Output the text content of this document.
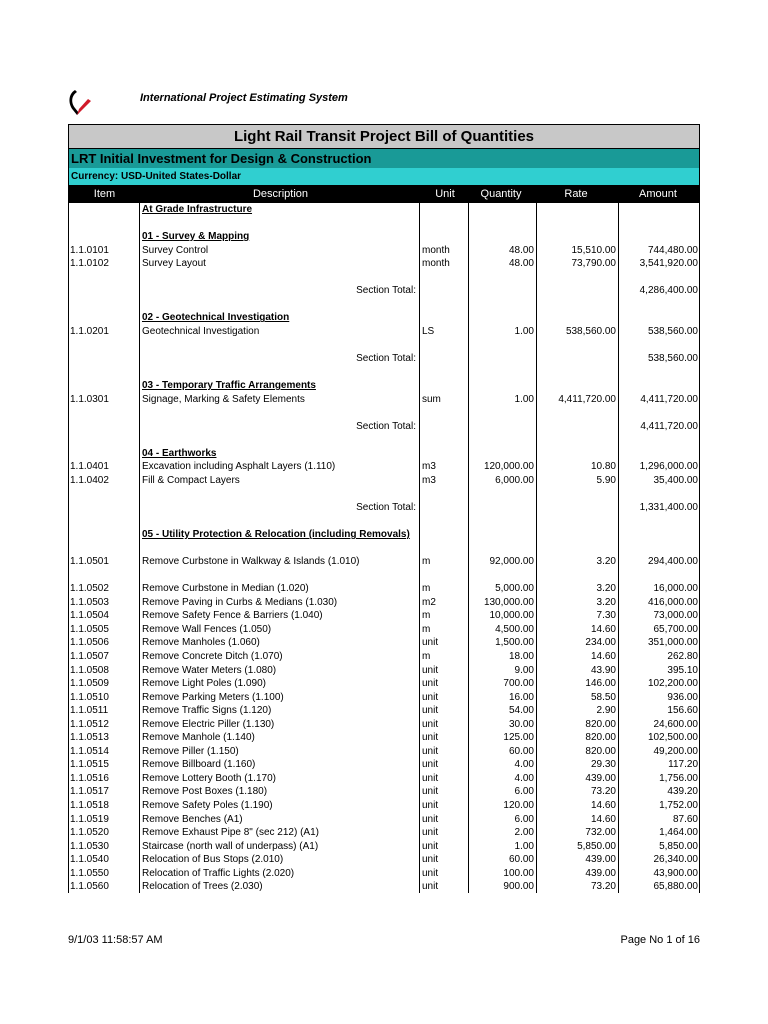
International Project Estimating System
Light Rail Transit Project Bill of Quantities
LRT Initial Investment for Design & Construction
Currency: USD-United States-Dollar
Item	Description	Unit	Quantity	Rate	Amount
At Grade Infrastructure
01 - Survey & Mapping
1.1.0101	Survey Control	month	48.00	15,510.00	744,480.00
1.1.0102	Survey Layout	month	48.00	73,790.00	3,541,920.00
Section Total:	4,286,400.00
02 - Geotechnical Investigation
1.1.0201	Geotechnical Investigation	LS	1.00	538,560.00	538,560.00
Section Total:	538,560.00
03 - Temporary Traffic Arrangements
1.1.0301	Signage, Marking & Safety Elements	sum	1.00	4,411,720.00	4,411,720.00
Section Total:	4,411,720.00
04 - Earthworks
1.1.0401	Excavation including Asphalt Layers (1.110)	m3	120,000.00	10.80	1,296,000.00
1.1.0402	Fill & Compact Layers	m3	6,000.00	5.90	35,400.00
Section Total:	1,331,400.00
05 - Utility Protection & Relocation (including Removals)
1.1.0501	Remove Curbstone in Walkway & Islands (1.010)	m	92,000.00	3.20	294,400.00
1.1.0502	Remove Curbstone in Median (1.020)	m	5,000.00	3.20	16,000.00
1.1.0503	Remove Paving in Curbs & Medians (1.030)	m2	130,000.00	3.20	416,000.00
1.1.0504	Remove Safety Fence & Barriers (1.040)	m	10,000.00	7.30	73,000.00
1.1.0505	Remove Wall Fences (1.050)	m	4,500.00	14.60	65,700.00
1.1.0506	Remove Manholes (1.060)	unit	1,500.00	234.00	351,000.00
1.1.0507	Remove Concrete Ditch (1.070)	m	18.00	14.60	262.80
1.1.0508	Remove Water Meters (1.080)	unit	9.00	43.90	395.10
1.1.0509	Remove Light Poles (1.090)	unit	700.00	146.00	102,200.00
1.1.0510	Remove Parking Meters (1.100)	unit	16.00	58.50	936.00
1.1.0511	Remove Traffic Signs (1.120)	unit	54.00	2.90	156.60
1.1.0512	Remove Electric Piller (1.130)	unit	30.00	820.00	24,600.00
1.1.0513	Remove Manhole (1.140)	unit	125.00	820.00	102,500.00
1.1.0514	Remove Piller (1.150)	unit	60.00	820.00	49,200.00
1.1.0515	Remove Billboard (1.160)	unit	4.00	29.30	117.20
1.1.0516	Remove Lottery Booth (1.170)	unit	4.00	439.00	1,756.00
1.1.0517	Remove Post Boxes (1.180)	unit	6.00	73.20	439.20
1.1.0518	Remove Safety Poles (1.190)	unit	120.00	14.60	1,752.00
1.1.0519	Remove Benches (A1)	unit	6.00	14.60	87.60
1.1.0520	Remove Exhaust Pipe 8" (sec 212) (A1)	unit	2.00	732.00	1,464.00
1.1.0530	Staircase (north wall of underpass) (A1)	unit	1.00	5,850.00	5,850.00
1.1.0540	Relocation of Bus Stops (2.010)	unit	60.00	439.00	26,340.00
1.1.0550	Relocation of Traffic Lights (2.020)	unit	100.00	439.00	43,900.00
1.1.0560	Relocation of Trees (2.030)	unit	900.00	73.20	65,880.00
9/1/03 11:58:57 AM	Page No 1 of 16
